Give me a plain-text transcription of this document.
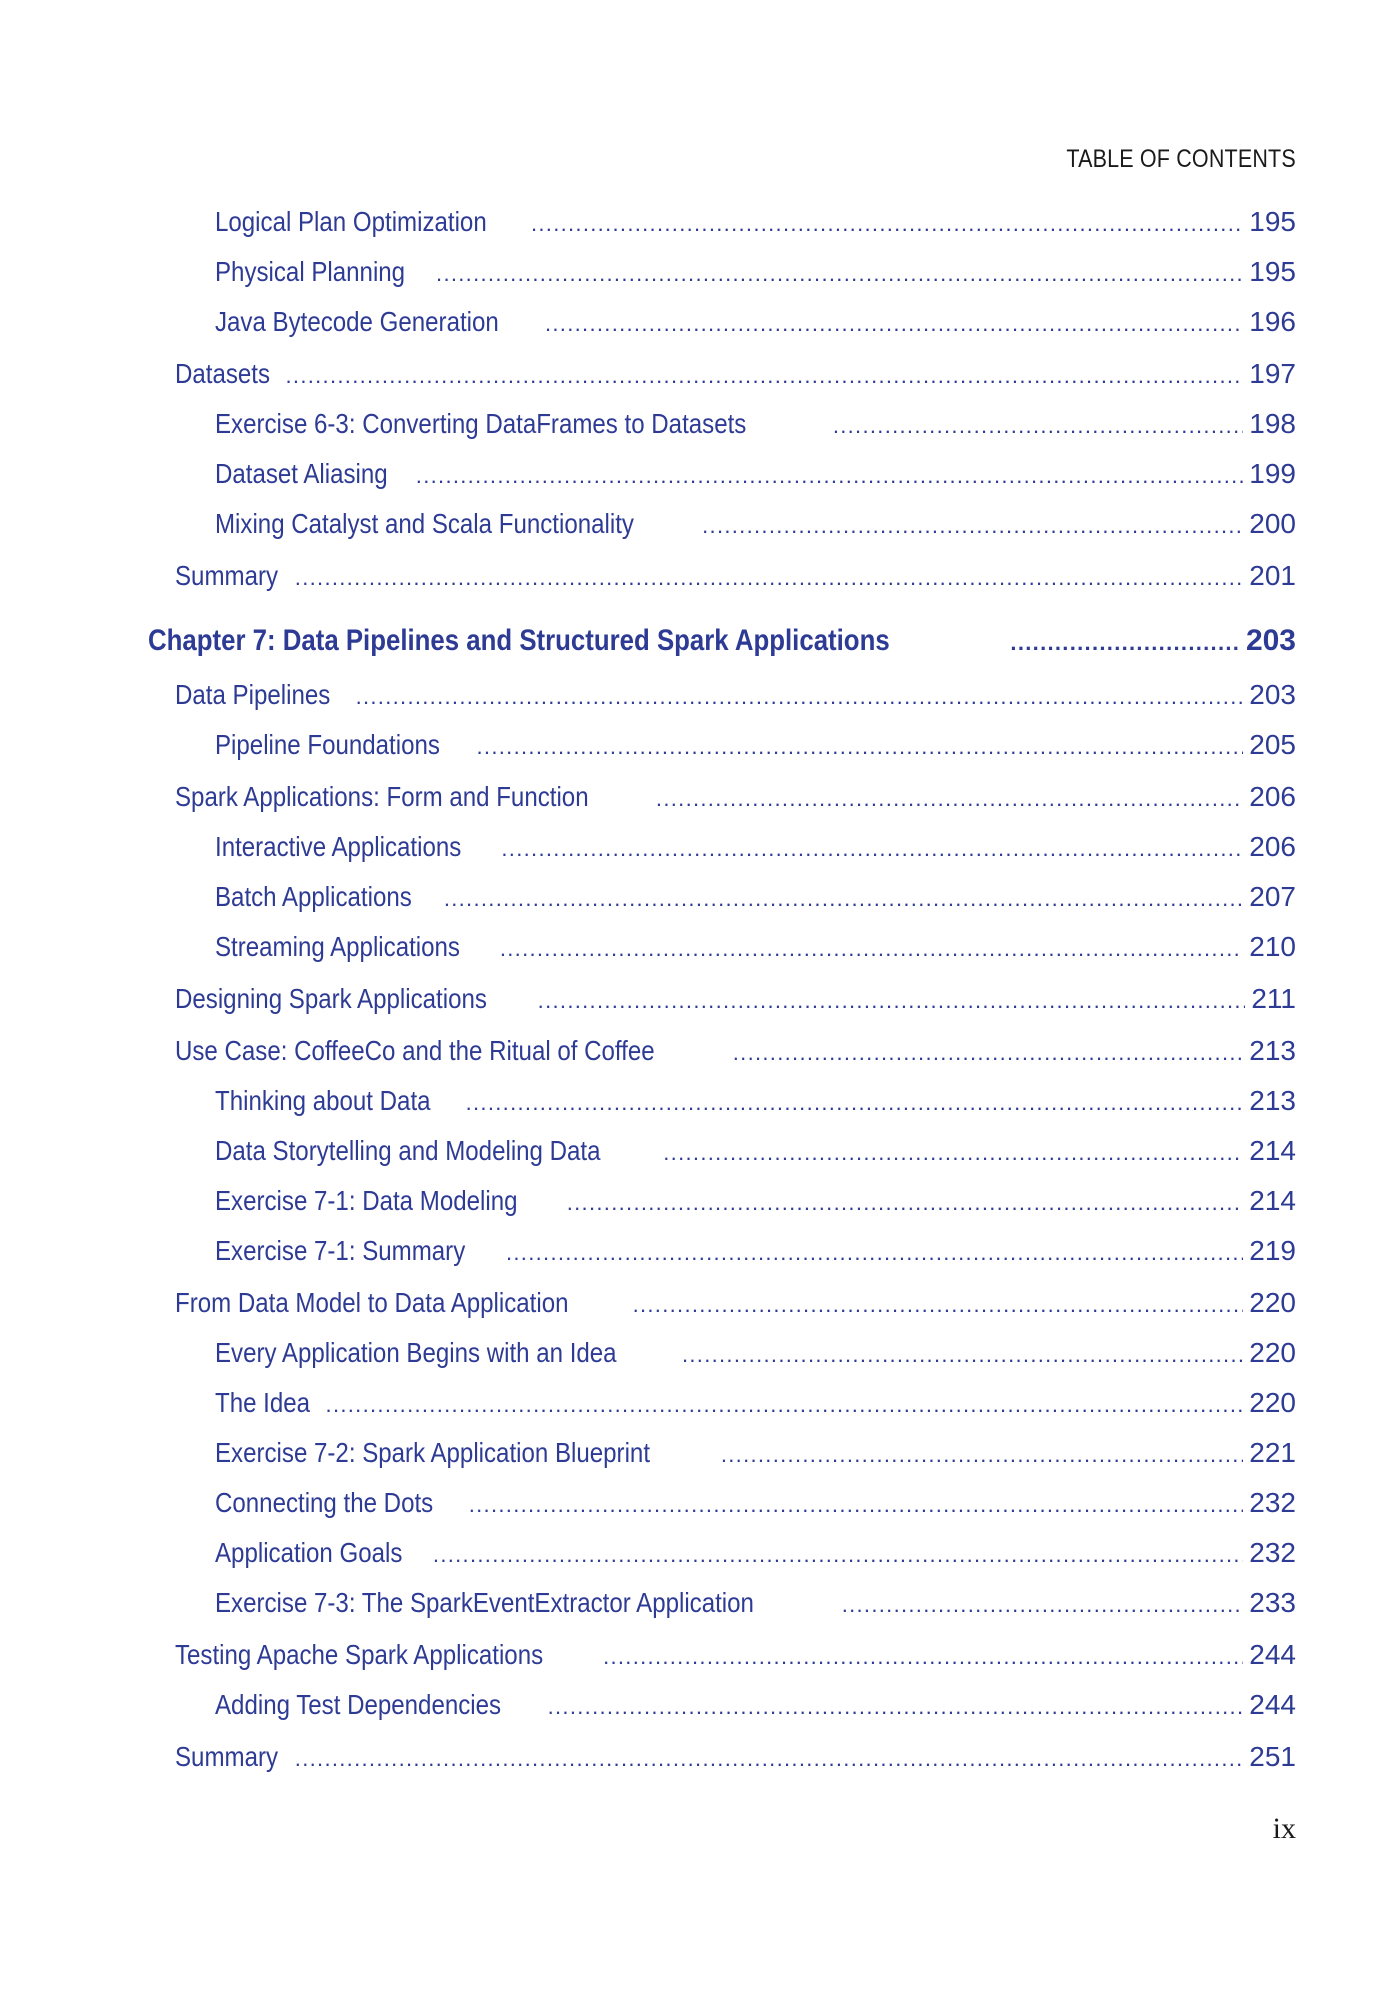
TABLE OF CONTENTS
Logical Plan Optimization .....	195
Physical Planning .....	195
Java Bytecode Generation .....	196
Datasets .....	197
Exercise 6-3: Converting DataFrames to Datasets .....	198
Dataset Aliasing .....	199
Mixing Catalyst and Scala Functionality .....	200
Summary .....	201
Chapter 7: Data Pipelines and Structured Spark Applications .....	203
Data Pipelines .....	203
Pipeline Foundations .....	205
Spark Applications: Form and Function .....	206
Interactive Applications .....	206
Batch Applications .....	207
Streaming Applications .....	210
Designing Spark Applications .....	211
Use Case: CoffeeCo and the Ritual of Coffee .....	213
Thinking about Data .....	213
Data Storytelling and Modeling Data .....	214
Exercise 7-1: Data Modeling .....	214
Exercise 7-1: Summary .....	219
From Data Model to Data Application .....	220
Every Application Begins with an Idea .....	220
The Idea .....	220
Exercise 7-2: Spark Application Blueprint .....	221
Connecting the Dots .....	232
Application Goals .....	232
Exercise 7-3: The SparkEventExtractor Application .....	233
Testing Apache Spark Applications .....	244
Adding Test Dependencies .....	244
Summary .....	251
ix
